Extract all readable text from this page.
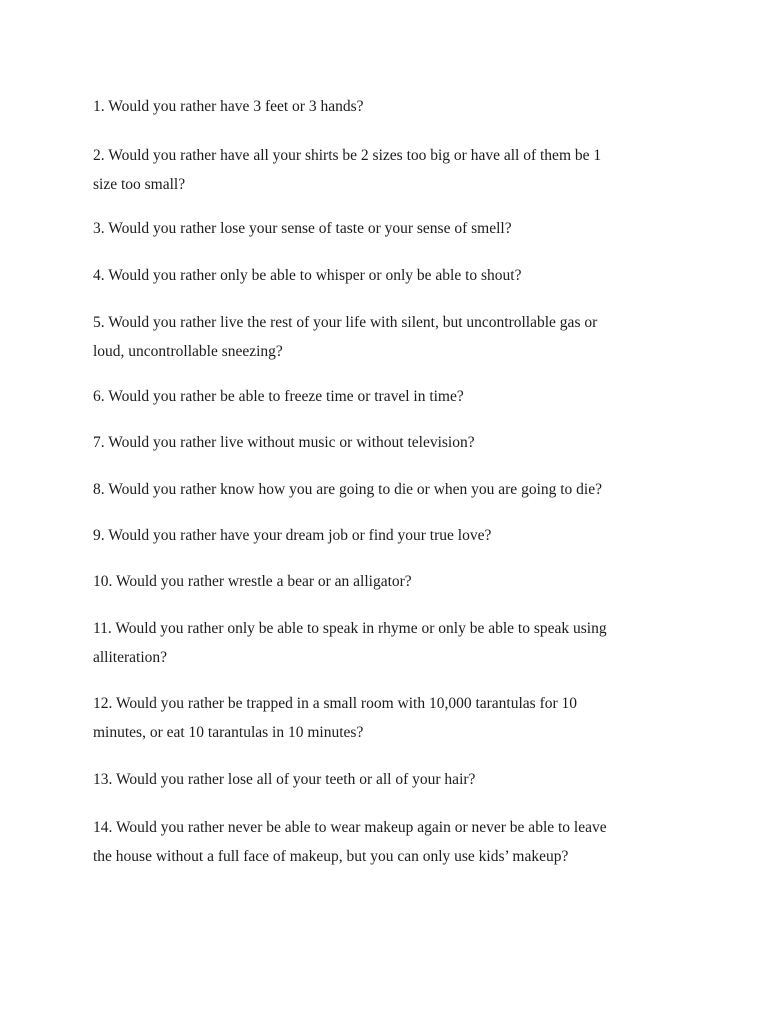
1. Would you rather have 3 feet or 3 hands?

2. Would you rather have all your shirts be 2 sizes too big or have all of them be 1
size too small?

3. Would you rather lose your sense of taste or your sense of smell?

4. Would you rather only be able to whisper or only be able to shout?

5. Would you rather live the rest of your life with silent, but uncontrollable gas or
loud, uncontrollable sneezing?

6. Would you rather be able to freeze time or travel in time?

7. Would you rather live without music or without television?

8. Would you rather know how you are going to die or when you are going to die?

9. Would you rather have your dream job or find your true love?

10. Would you rather wrestle a bear or an alligator?

11. Would you rather only be able to speak in rhyme or only be able to speak using
alliteration?

12. Would you rather be trapped in a small room with 10,000 tarantulas for 10
minutes, or eat 10 tarantulas in 10 minutes?

13. Would you rather lose all of your teeth or all of your hair?

14. Would you rather never be able to wear makeup again or never be able to leave
the house without a full face of makeup, but you can only use kids’ makeup?
